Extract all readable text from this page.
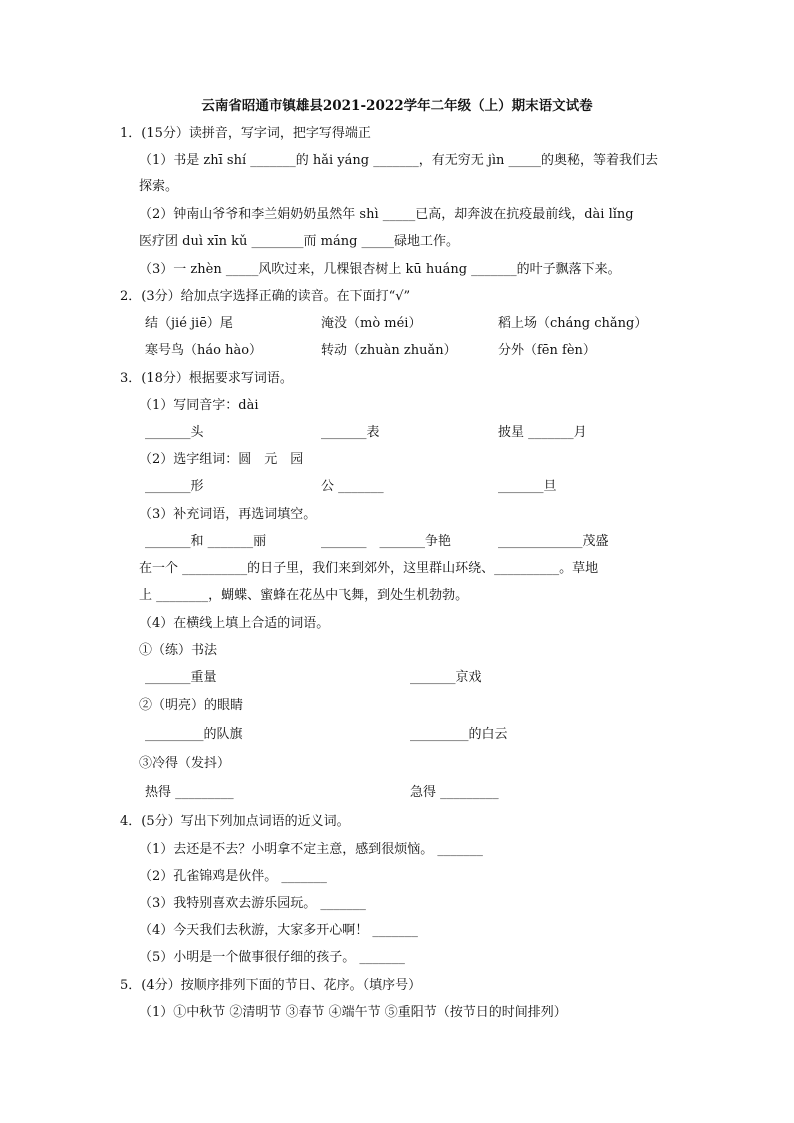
云南省昭通市镇雄县2021-2022学年二年级（上）期末语文试卷
1．(15分）读拼音，写字词，把字写得端正
（1）书是 zhī shí _______的 hǎi yáng _______，有无穷无 jìn _____的奥秘，等着我们去
探索。
（2）钟南山爷爷和李兰娟奶奶虽然年 shì _____已高，却奔波在抗疫最前线，dài lǐng
医疗团 duì xīn kǔ ________而 máng _____碌地工作。
（3）一 zhèn _____风吹过来，几棵银杏树上 kū huáng _______的叶子飘落下来。
2．(3分）给加点字选择正确的读音。在下面打“√”
结（jié jiē）尾	淹没（mò méi）	稻上场（cháng chǎng）
寒号鸟（háo hào）	转动（zhuàn zhuǎn）	分外（fēn fèn）
3．(18分）根据要求写词语。
（1）写同音字：dài
_______头	_______表	披星 _______月
（2）选字组词：圆　元　园
_______形	公 _______	_______旦
（3）补充词语，再选词填空。
_______和 _______丽	_______　_______争艳	_____________茂盛
在一个 __________的日子里，我们来到郊外，这里群山环绕、__________。草地
上 ________，蝴蝶、蜜蜂在花丛中飞舞，到处生机勃勃。
（4）在横线上填上合适的词语。
①（练）书法
_______重量	_______京戏
②（明亮）的眼睛
_________的队旗	_________的白云
③冷得（发抖）
热得 _________	急得 _________
4．(5分）写出下列加点词语的近义词。
（1）去还是不去？小明拿不定主意，感到很烦恼。 _______
（2）孔雀锦鸡是伙伴。 _______
（3）我特别喜欢去游乐园玩。 _______
（4）今天我们去秋游，大家多开心啊！ _______
（5）小明是一个做事很仔细的孩子。 _______
5．(4分）按顺序排列下面的节日、花序。（填序号）
（1）①中秋节 ②清明节 ③春节 ④端午节 ⑤重阳节（按节日的时间排列）
